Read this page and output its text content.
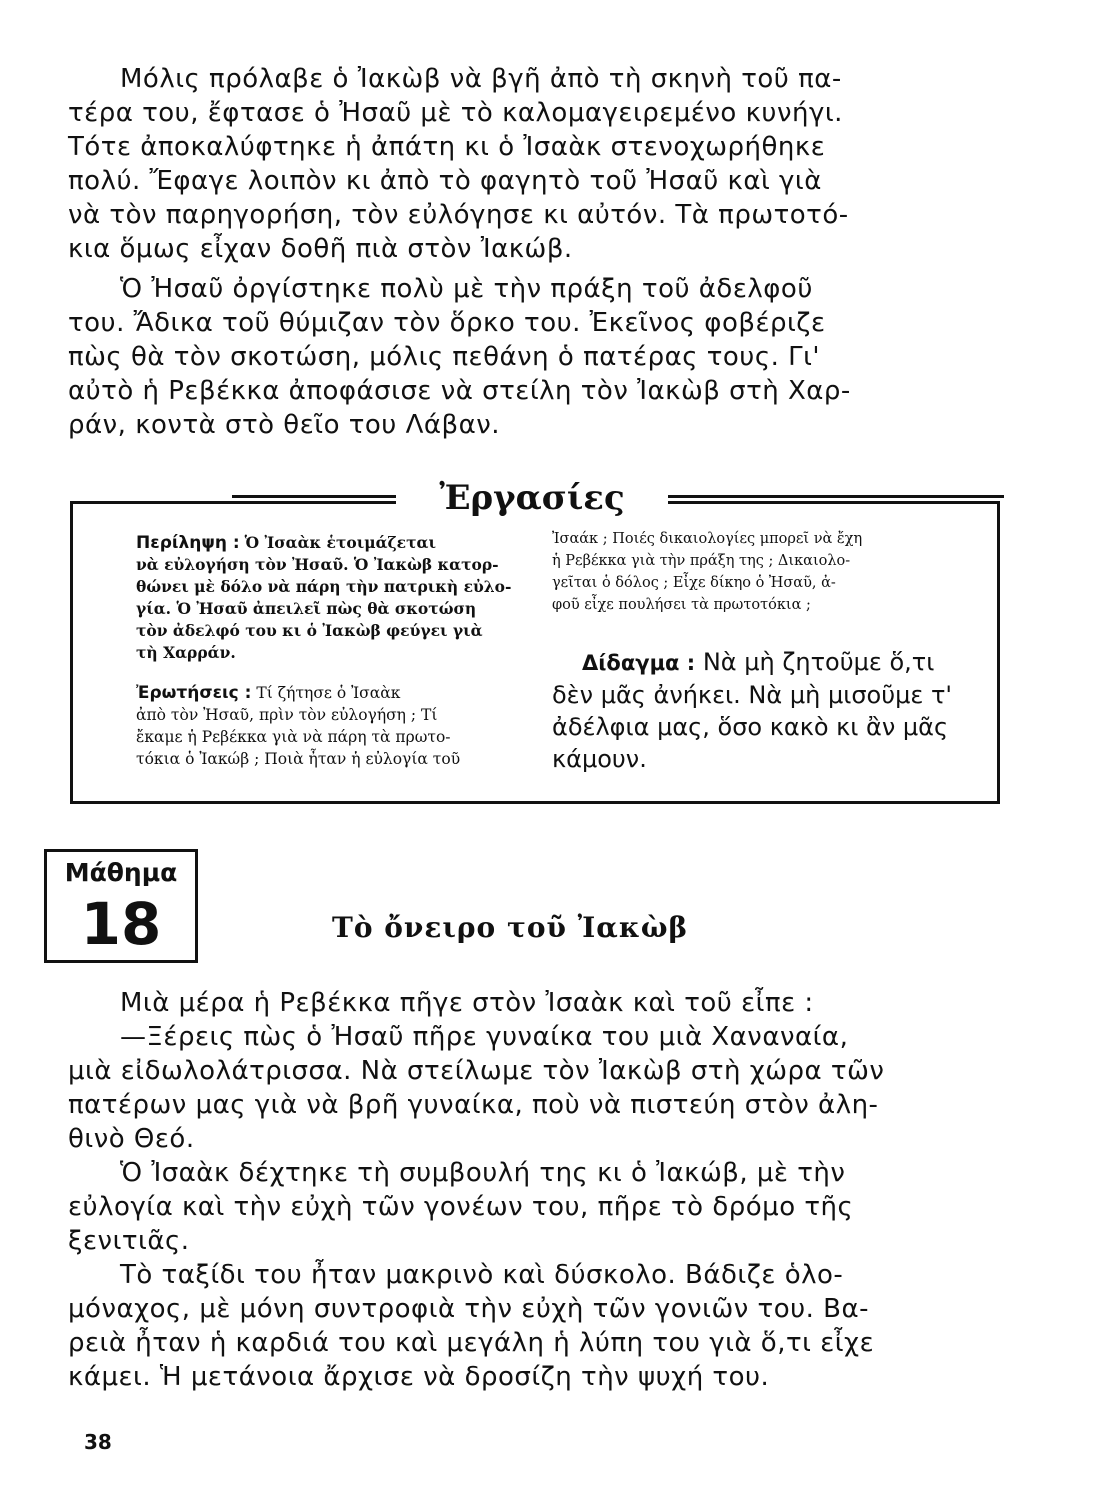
Μόλις πρόλαβε ὁ Ἰακὼβ νὰ βγῆ ἀπὸ τὴ σκηνὴ τοῦ πα-
τέρα του, ἔφτασε ὁ Ἠσαῦ μὲ τὸ καλομαγειρεμένο κυνήγι.
Τότε ἀποκαλύφτηκε ἡ ἀπάτη κι ὁ Ἰσαὰκ στενοχωρήθηκε
πολύ. Ἔφαγε λοιπὸν κι ἀπὸ τὸ φαγητὸ τοῦ Ἠσαῦ καὶ γιὰ
νὰ τὸν παρηγορήση, τὸν εὐλόγησε κι αὐτόν. Τὰ πρωτοτό-
κια ὅμως εἶχαν δοθῆ πιὰ στὸν Ἰακώβ.
Ὁ Ἠσαῦ ὀργίστηκε πολὺ μὲ τὴν πράξη τοῦ ἀδελφοῦ
του. Ἄδικα τοῦ θύμιζαν τὸν ὅρκο του. Ἐκεῖνος φοβέριζε
πὼς θὰ τὸν σκοτώση, μόλις πεθάνη ὁ πατέρας τους. Γι'
αὐτὸ ἡ Ρεβέκκα ἀποφάσισε νὰ στείλη τὸν Ἰακὼβ στὴ Χαρ-
ράν, κοντὰ στὸ θεῖο του Λάβαν.
Ἐργασίες

Περίληψη : Ὁ Ἰσαὰκ ἑτοιμάζεται
νὰ εὐλογήση τὸν Ἠσαῦ. Ὁ Ἰακὼβ κατορ-
θώνει μὲ δόλο νὰ πάρη τὴν πατρικὴ εὐλο-
γία. Ὁ Ἠσαῦ ἀπειλεῖ πὼς θὰ σκοτώση
τὸν ἀδελφό του κι ὁ Ἰακὼβ φεύγει γιὰ
τὴ Χαρράν.

Ἐρωτήσεις : Τί ζήτησε ὁ Ἰσαὰκ
ἀπὸ τὸν Ἠσαῦ, πρὶν τὸν εὐλογήση ; Τί
ἔκαμε ἡ Ρεβέκκα γιὰ νὰ πάρη τὰ πρωτο-
τόκια ὁ Ἰακώβ ; Ποιὰ ἦταν ἡ εὐλογία τοῦ

Ἰσαάκ ; Ποιές δικαιολογίες μπορεῖ νὰ ἔχη
ἡ Ρεβέκκα γιὰ τὴν πράξη της ; Δικαιολο-
γεῖται ὁ δόλος ; Εἶχε δίκηο ὁ Ἠσαῦ, ἀ-
φοῦ εἶχε πουλήσει τὰ πρωτοτόκια ;

Δίδαγμα : Νὰ μὴ ζητοῦμε ὅ,τι
δὲν μᾶς ἀνήκει. Νὰ μὴ μισοῦμε τ'
ἀδέλφια μας, ὅσο κακὸ κι ἂν μᾶς
κάμουν.

Μάθημα
18	Τὸ ὄνειρο τοῦ Ἰακὼβ
Μιὰ μέρα ἡ Ρεβέκκα πῆγε στὸν Ἰσαὰκ καὶ τοῦ εἶπε :
—Ξέρεις πὼς ὁ Ἠσαῦ πῆρε γυναίκα του μιὰ Χαναναία,
μιὰ εἰδωλολάτρισσα. Νὰ στείλωμε τὸν Ἰακὼβ στὴ χώρα τῶν
πατέρων μας γιὰ νὰ βρῆ γυναίκα, ποὺ νὰ πιστεύη στὸν ἀλη-
θινὸ Θεό.
Ὁ Ἰσαὰκ δέχτηκε τὴ συμβουλή της κι ὁ Ἰακώβ, μὲ τὴν
εὐλογία καὶ τὴν εὐχὴ τῶν γονέων του, πῆρε τὸ δρόμο τῆς
ξενιτιᾶς.
Τὸ ταξίδι του ἦταν μακρινὸ καὶ δύσκολο. Βάδιζε ὁλο-
μόναχος, μὲ μόνη συντροφιὰ τὴν εὐχὴ τῶν γονιῶν του. Βα-
ρειὰ ἦταν ἡ καρδιά του καὶ μεγάλη ἡ λύπη του γιὰ ὅ,τι εἶχε
κάμει. Ἡ μετάνοια ἄρχισε νὰ δροσίζη τὴν ψυχή του.
38
